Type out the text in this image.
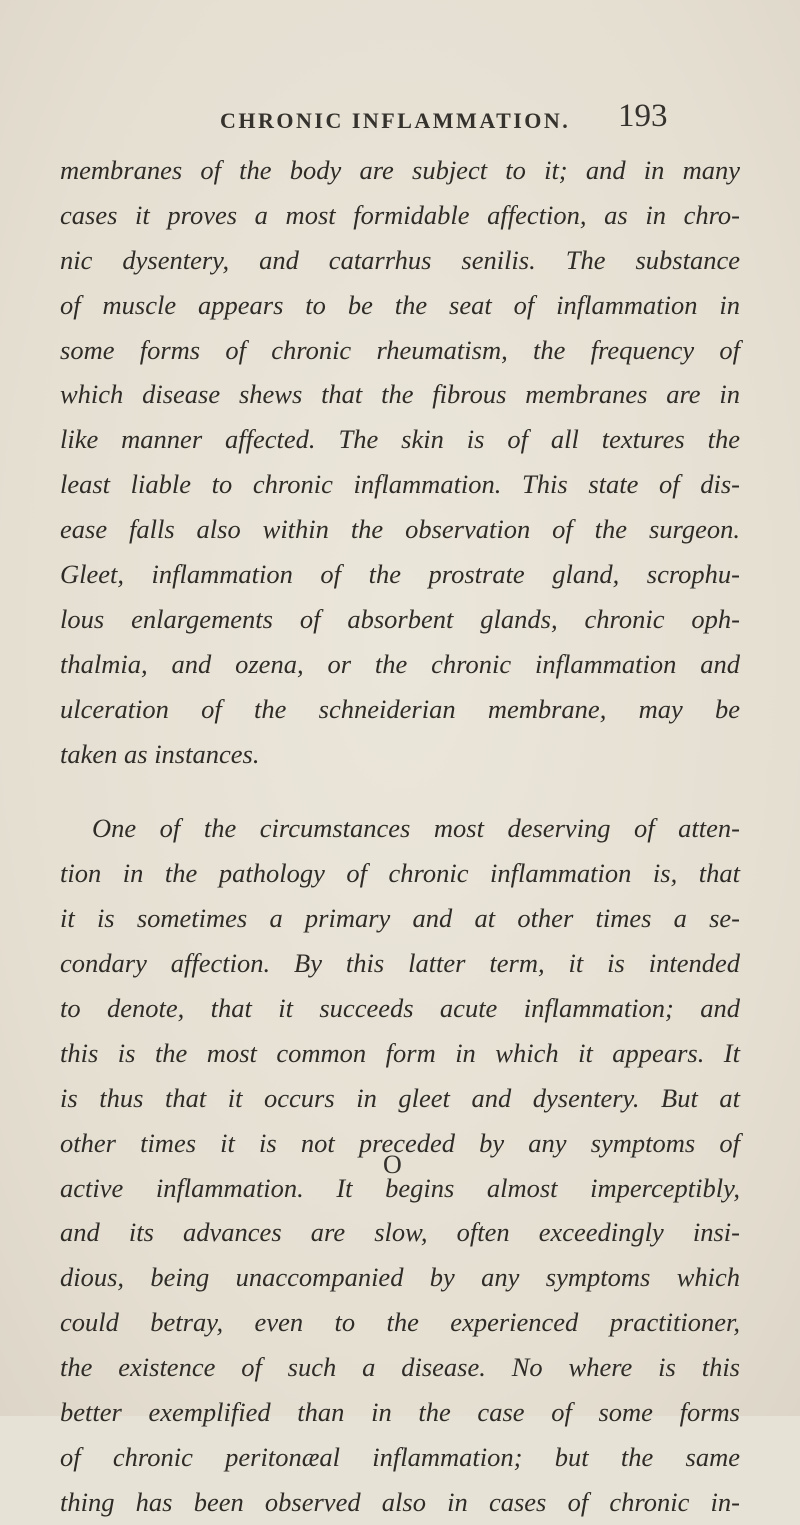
CHRONIC INFLAMMATION. 193
membranes of the body are subject to it; and in many
cases it proves a most formidable affection, as in chro-
nic dysentery, and catarrhus senilis. The substance
of muscle appears to be the seat of inflammation in
some forms of chronic rheumatism, the frequency of
which disease shews that the fibrous membranes are in
like manner affected. The skin is of all textures the
least liable to chronic inflammation. This state of dis-
ease falls also within the observation of the surgeon.
Gleet, inflammation of the prostrate gland, scrophu-
lous enlargements of absorbent glands, chronic oph-
thalmia, and ozena, or the chronic inflammation and
ulceration of the schneiderian membrane, may be
taken as instances.
One of the circumstances most deserving of atten-
tion in the pathology of chronic inflammation is, that
it is sometimes a primary and at other times a se-
condary affection. By this latter term, it is intended
to denote, that it succeeds acute inflammation; and
this is the most common form in which it appears. It
is thus that it occurs in gleet and dysentery. But at
other times it is not preceded by any symptoms of
active inflammation. It begins almost imperceptibly,
and its advances are slow, often exceedingly insi-
dious, being unaccompanied by any symptoms which
could betray, even to the experienced practitioner,
the existence of such a disease. No where is this
better exemplified than in the case of some forms
of chronic peritonæal inflammation; but the same
thing has been observed also in cases of chronic in-
O
